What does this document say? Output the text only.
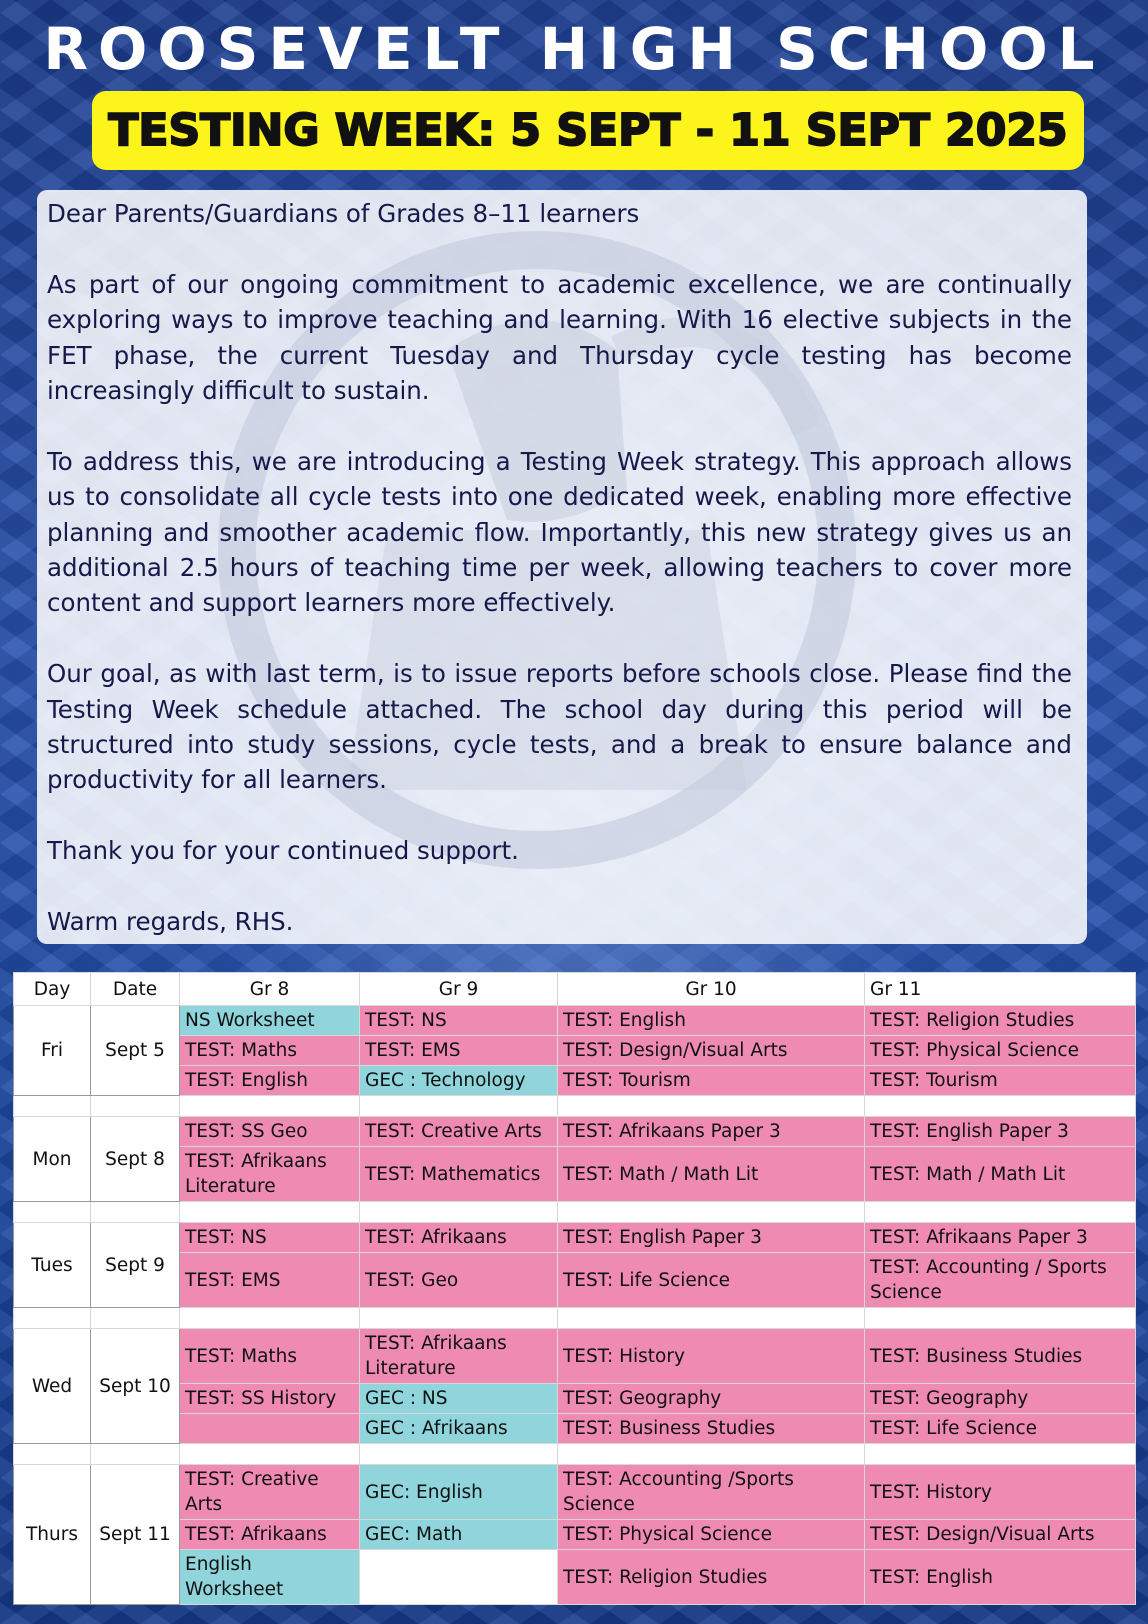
ROOSEVELT HIGH SCHOOL
TESTING WEEK: 5 SEPT - 11 SEPT 2025

Dear Parents/Guardians of Grades 8–11 learners

As part of our ongoing commitment to academic excellence, we are continually exploring ways to improve teaching and learning. With 16 elective subjects in the FET phase, the current Tuesday and Thursday cycle testing has become increasingly difficult to sustain.

To address this, we are introducing a Testing Week strategy. This approach allows us to consolidate all cycle tests into one dedicated week, enabling more effective planning and smoother academic flow. Importantly, this new strategy gives us an additional 2.5 hours of teaching time per week, allowing teachers to cover more content and support learners more effectively.

Our goal, as with last term, is to issue reports before schools close. Please find the Testing Week schedule attached. The school day during this period will be structured into study sessions, cycle tests, and a break to ensure balance and productivity for all learners.

Thank you for your continued support.

Warm regards, RHS.

Day	Date	Gr 8	Gr 9	Gr 10	Gr 11
Fri	Sept 5	NS Worksheet	TEST: NS	TEST: English	TEST: Religion Studies
		TEST: Maths	TEST: EMS	TEST: Design/Visual Arts	TEST: Physical Science
		TEST: English	GEC : Technology	TEST: Tourism	TEST: Tourism

Mon	Sept 8	TEST: SS Geo	TEST: Creative Arts	TEST: Afrikaans Paper 3	TEST: English Paper 3
		TEST: Afrikaans Literature	TEST: Mathematics	TEST: Math / Math Lit	TEST: Math / Math Lit

Tues	Sept 9	TEST: NS	TEST: Afrikaans	TEST: English Paper 3	TEST: Afrikaans Paper 3
		TEST: EMS	TEST: Geo	TEST: Life Science	TEST: Accounting / Sports Science

Wed	Sept 10	TEST: Maths	TEST: Afrikaans Literature	TEST: History	TEST: Business Studies
		TEST: SS History	GEC : NS	TEST: Geography	TEST: Geography
			GEC : Afrikaans	TEST: Business Studies	TEST: Life Science

Thurs	Sept 11	TEST: Creative Arts	GEC: English	TEST: Accounting /Sports Science	TEST: History
		TEST: Afrikaans	GEC: Math	TEST: Physical Science	TEST: Design/Visual Arts
		English Worksheet		TEST: Religion Studies	TEST: English
